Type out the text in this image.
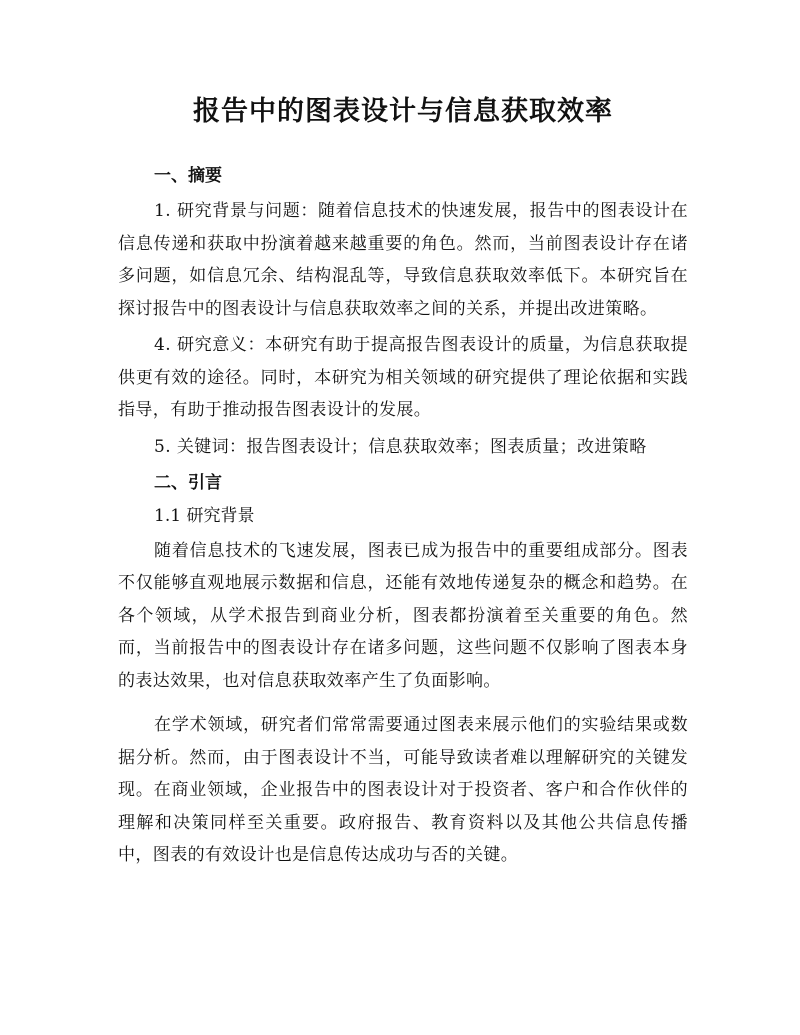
报告中的图表设计与信息获取效率
一、摘要

1. 研究背景与问题：随着信息技术的快速发展，报告中的图表设计在信息传递和获取中扮演着越来越重要的角色。然而，当前图表设计存在诸多问题，如信息冗余、结构混乱等，导致信息获取效率低下。本研究旨在探讨报告中的图表设计与信息获取效率之间的关系，并提出改进策略。

4. 研究意义：本研究有助于提高报告图表设计的质量，为信息获取提供更有效的途径。同时，本研究为相关领域的研究提供了理论依据和实践指导，有助于推动报告图表设计的发展。

5. 关键词：报告图表设计；信息获取效率；图表质量；改进策略

二、引言

1.1 研究背景

随着信息技术的飞速发展，图表已成为报告中的重要组成部分。图表不仅能够直观地展示数据和信息，还能有效地传递复杂的概念和趋势。在各个领域，从学术报告到商业分析，图表都扮演着至关重要的角色。然而，当前报告中的图表设计存在诸多问题，这些问题不仅影响了图表本身的表达效果，也对信息获取效率产生了负面影响。

在学术领域，研究者们常常需要通过图表来展示他们的实验结果或数据分析。然而，由于图表设计不当，可能导致读者难以理解研究的关键发现。在商业领域，企业报告中的图表设计对于投资者、客户和合作伙伴的理解和决策同样至关重要。政府报告、教育资料以及其他公共信息传播中，图表的有效设计也是信息传达成功与否的关键。
